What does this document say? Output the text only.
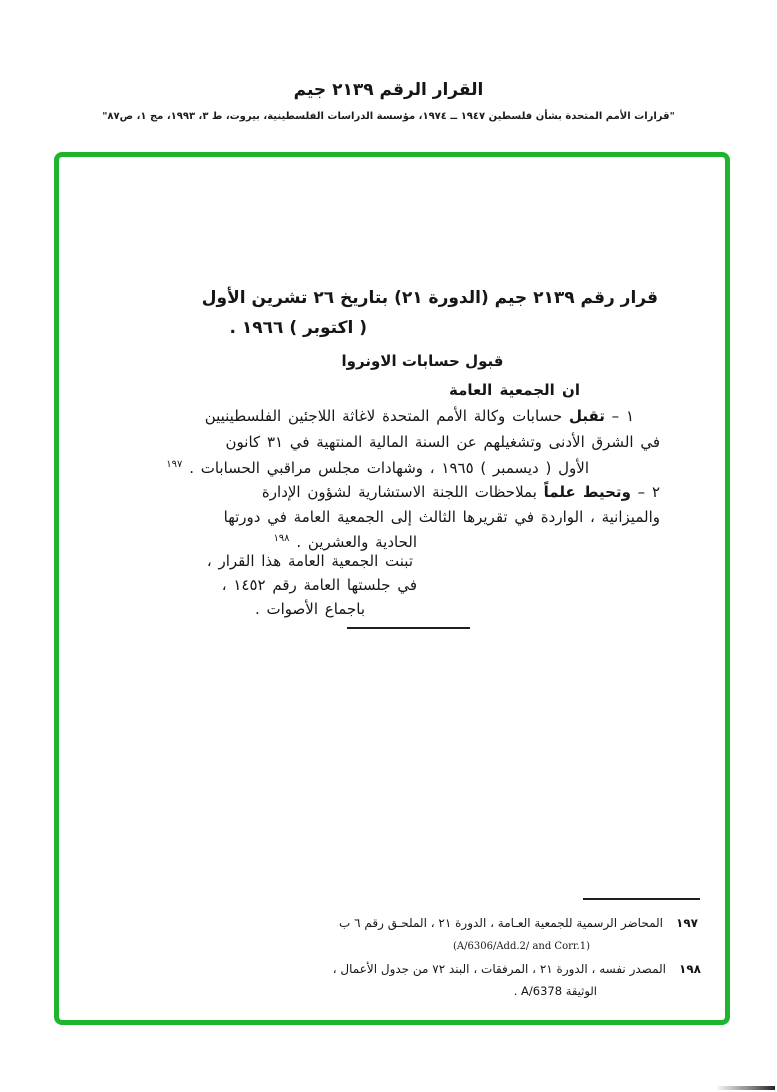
القرار الرقم ٢١٣٩ جيم
"قرارات الأمم المتحدة بشأن فلسطين ١٩٤٧ ــ ١٩٧٤، مؤسسة الدراسات الفلسطينية، بيروت، ط ٣، ١٩٩٣، مج ١، ص٨٧"
قرار رقم ٢١٣٩ جيم (الدورة ٢١) بتاريخ ٢٦ تشرين الأول
( اكتوبر ) ١٩٦٦ .
قبول حسابات الاونروا
ان الجمعية العامة
١ – تقبل حسابات وكالة الأمم المتحدة لاغاثة اللاجئين الفلسطينيين
في الشرق الأدنى وتشغيلهم عن السنة المالية المنتهية في ٣١ كانون
الأول ( ديسمبر ) ١٩٦٥ ، وشهادات مجلس مراقبي الحسابات . $^{١٩٧}$
٢ – وتحيط علماً بملاحظات اللجنة الاستشارية لشؤون الإدارة
والميزانية ، الواردة في تقريرها الثالث إلى الجمعية العامة في دورتها
الحادية والعشرين . $^{١٩٨}$
تبنت الجمعية العامة هذا القرار ،
في جلستها العامة رقم ١٤٥٢ ،
باجماع الأصوات .
١٩٧
المحاضر الرسمية للجمعية العـامة ، الدورة ٢١ ، الملحـق رقم ٦ ب
(A/6306/Add.2/ and Corr.1)
١٩٨
المصدر نفسه ، الدورة ٢١ ، المرفقات ، البند ٧٢ من جدول الأعمال ،
الوثيقة A/6378 .
